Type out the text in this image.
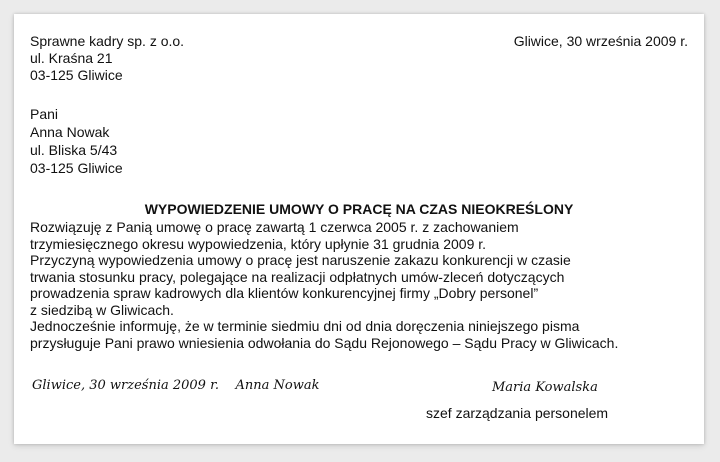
Sprawne kadry sp. z o.o.
ul. Kraśna 21
03-125 Gliwice
Gliwice, 30 września 2009 r.
Pani
Anna Nowak
ul. Bliska 5/43
03-125 Gliwice
WYPOWIEDZENIE UMOWY O PRACĘ NA CZAS NIEOKREŚLONY
Rozwiązuję z Panią umowę o pracę zawartą 1 czerwca 2005 r. z zachowaniem
trzymiesięcznego okresu wypowiedzenia, który upłynie 31 grudnia 2009 r.
Przyczyną wypowiedzenia umowy o pracę jest naruszenie zakazu konkurencji w czasie
trwania stosunku pracy, polegające na realizacji odpłatnych umów-zleceń dotyczących
prowadzenia spraw kadrowych dla klientów konkurencyjnej firmy „Dobry personel”
z siedzibą w Gliwicach.
Jednocześnie informuję, że w terminie siedmiu dni od dnia doręczenia niniejszego pisma
przysługuje Pani prawo wniesienia odwołania do Sądu Rejonowego – Sądu Pracy w Gliwicach.
Gliwice, 30 września 2009 r.    Anna Nowak	Maria Kowalska
szef zarządzania personelem
